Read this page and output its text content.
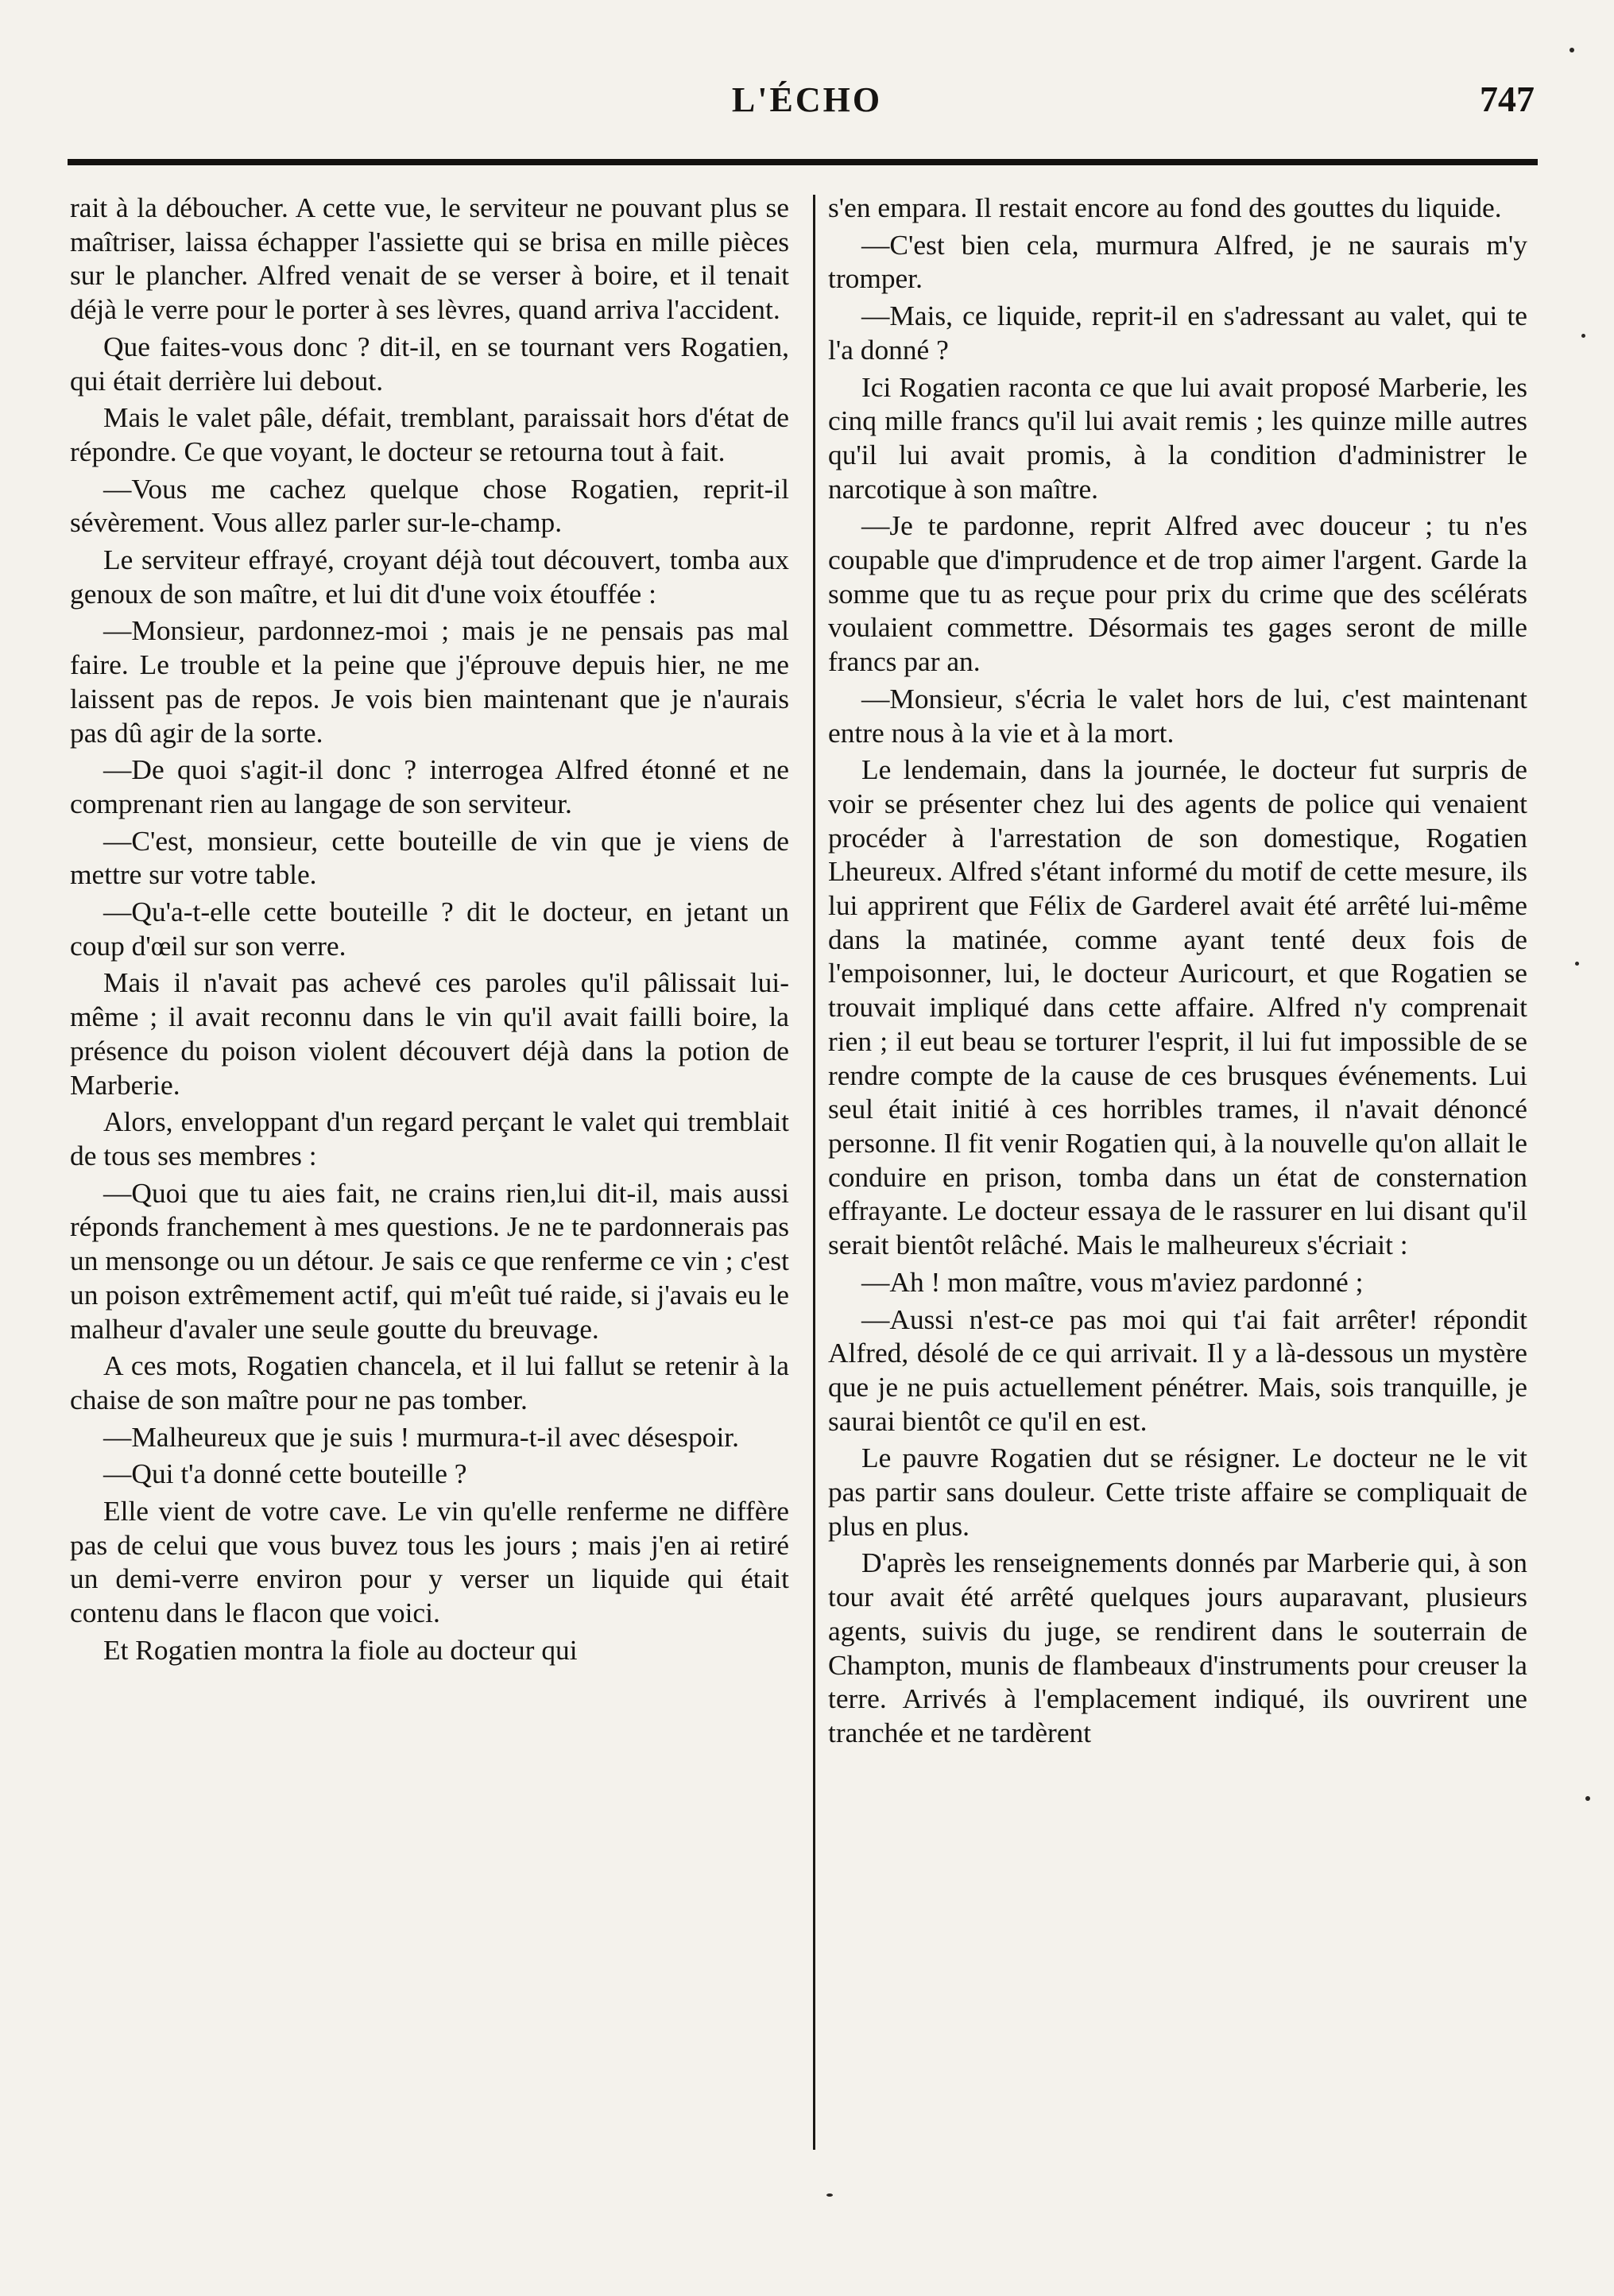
L'ÉCHO	747

rait à la déboucher. A cette vue, le serviteur ne pouvant plus se maîtriser, laissa échapper l'assiette qui se brisa en mille pièces sur le plancher. Alfred venait de se verser à boire, et il tenait déjà le verre pour le porter à ses lèvres, quand arriva l'accident.

Que faites-vous donc ? dit-il, en se tournant vers Rogatien, qui était derrière lui debout.

Mais le valet pâle, défait, tremblant, paraissait hors d'état de répondre. Ce que voyant, le docteur se retourna tout à fait.

—Vous me cachez quelque chose Rogatien, reprit-il sévèrement. Vous allez parler sur-le-champ.

Le serviteur effrayé, croyant déjà tout découvert, tomba aux genoux de son maître, et lui dit d'une voix étouffée :

—Monsieur, pardonnez-moi ; mais je ne pensais pas mal faire. Le trouble et la peine que j'éprouve depuis hier, ne me laissent pas de repos. Je vois bien maintenant que je n'aurais pas dû agir de la sorte.

—De quoi s'agit-il donc ? interrogea Alfred étonné et ne comprenant rien au langage de son serviteur.

—C'est, monsieur, cette bouteille de vin que je viens de mettre sur votre table.

—Qu'a-t-elle cette bouteille ? dit le docteur, en jetant un coup d'œil sur son verre.

Mais il n'avait pas achevé ces paroles qu'il pâlissait lui-même ; il avait reconnu dans le vin qu'il avait failli boire, la présence du poison violent découvert déjà dans la potion de Marberie.

Alors, enveloppant d'un regard perçant le valet qui tremblait de tous ses membres :

—Quoi que tu aies fait, ne crains rien,lui dit-il, mais aussi réponds franchement à mes questions. Je ne te pardonnerais pas un mensonge ou un détour. Je sais ce que renferme ce vin ; c'est un poison extrêmement actif, qui m'eût tué raide, si j'avais eu le malheur d'avaler une seule goutte du breuvage.

A ces mots, Rogatien chancela, et il lui fallut se retenir à la chaise de son maître pour ne pas tomber.

—Malheureux que je suis ! murmura-t-il avec désespoir.

—Qui t'a donné cette bouteille ?

Elle vient de votre cave. Le vin qu'elle renferme ne diffère pas de celui que vous buvez tous les jours ; mais j'en ai retiré un demi-verre environ pour y verser un liquide qui était contenu dans le flacon que voici.

Et Rogatien montra la fiole au docteur qui

s'en empara. Il restait encore au fond des gouttes du liquide.

—C'est bien cela, murmura Alfred, je ne saurais m'y tromper.

—Mais, ce liquide, reprit-il en s'adressant au valet, qui te l'a donné ?

Ici Rogatien raconta ce que lui avait proposé Marberie, les cinq mille francs qu'il lui avait remis ; les quinze mille autres qu'il lui avait promis, à la condition d'administrer le narcotique à son maître.

—Je te pardonne, reprit Alfred avec douceur ; tu n'es coupable que d'imprudence et de trop aimer l'argent. Garde la somme que tu as reçue pour prix du crime que des scélérats voulaient commettre. Désormais tes gages seront de mille francs par an.

—Monsieur, s'écria le valet hors de lui, c'est maintenant entre nous à la vie et à la mort.

Le lendemain, dans la journée, le docteur fut surpris de voir se présenter chez lui des agents de police qui venaient procéder à l'arrestation de son domestique, Rogatien Lheureux. Alfred s'étant informé du motif de cette mesure, ils lui apprirent que Félix de Garderel avait été arrêté lui-même dans la matinée, comme ayant tenté deux fois de l'empoisonner, lui, le docteur Auricourt, et que Rogatien se trouvait impliqué dans cette affaire. Alfred n'y comprenait rien ; il eut beau se torturer l'esprit, il lui fut impossible de se rendre compte de la cause de ces brusques événements. Lui seul était initié à ces horribles trames, il n'avait dénoncé personne. Il fit venir Rogatien qui, à la nouvelle qu'on allait le conduire en prison, tomba dans un état de consternation effrayante. Le docteur essaya de le rassurer en lui disant qu'il serait bientôt relâché. Mais le malheureux s'écriait :

—Ah ! mon maître, vous m'aviez pardonné ;

—Aussi n'est-ce pas moi qui t'ai fait arrêter! répondit Alfred, désolé de ce qui arrivait. Il y a là-dessous un mystère que je ne puis actuellement pénétrer. Mais, sois tranquille, je saurai bientôt ce qu'il en est.

Le pauvre Rogatien dut se résigner. Le docteur ne le vit pas partir sans douleur. Cette triste affaire se compliquait de plus en plus.

D'après les renseignements donnés par Marberie qui, à son tour avait été arrêté quelques jours auparavant, plusieurs agents, suivis du juge, se rendirent dans le souterrain de Champton, munis de flambeaux d'instruments pour creuser la terre. Arrivés à l'emplacement indiqué, ils ouvrirent une tranchée et ne tardèrent
